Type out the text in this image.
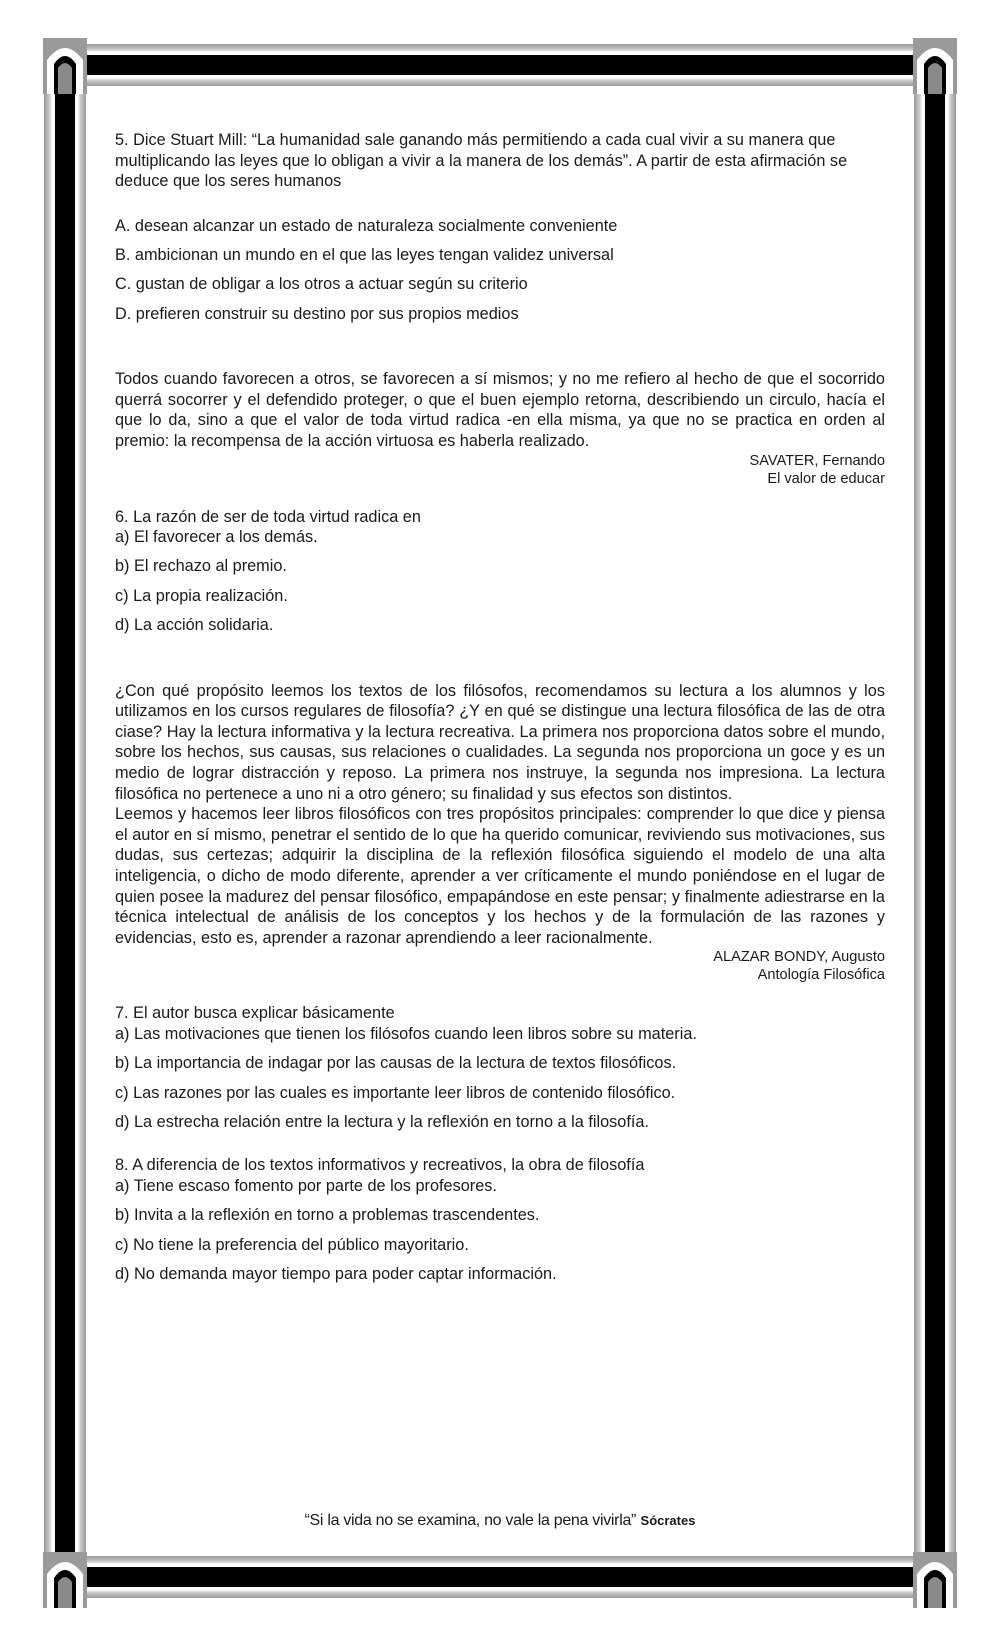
5. Dice Stuart Mill: “La humanidad sale ganando más permitiendo a cada cual vivir a su manera que multiplicando las leyes que lo obligan a vivir a la manera de los demás”. A partir de esta afirmación se deduce que los seres humanos

A. desean alcanzar un estado de naturaleza socialmente conveniente

B. ambicionan un mundo en el que las leyes tengan validez universal

C. gustan de obligar a los otros a actuar según su criterio

D. prefieren construir su destino por sus propios medios

Todos cuando favorecen a otros, se favorecen a sí mismos; y no me refiero al hecho de que el socorrido querrá socorrer y el defendido proteger, o que el buen ejemplo retorna, describiendo un circulo, hacía el que lo da, sino a que el valor de toda virtud radica -en ella misma, ya que no se practica en orden al premio: la recompensa de la acción virtuosa es haberla realizado.

SAVATER, Fernando

El valor de educar

6. La razón de ser de toda virtud radica en

a) El favorecer a los demás.

b) El rechazo al premio.

c) La propia realización.

d) La acción solidaria.

¿Con qué propósito leemos los textos de los filósofos, recomendamos su lectura a los alumnos y los utilizamos en los cursos regulares de filosofía? ¿Y en qué se distingue una lectura filosófica de las de otra ciase? Hay la lectura informativa y la lectura recreativa. La primera nos proporciona datos sobre el mundo, sobre los hechos, sus causas, sus relaciones o cualidades. La segunda nos proporciona un goce y es un medio de lograr distracción y reposo. La primera nos instruye, la segunda nos impresiona. La lectura filosófica no pertenece a uno ni a otro género; su finalidad y sus efectos son distintos.

Leemos y hacemos leer libros filosóficos con tres propósitos principales: comprender lo que dice y piensa el autor en sí mismo, penetrar el sentido de lo que ha querido comunicar, reviviendo sus motivaciones, sus dudas, sus certezas; adquirir la disciplina de la reflexión filosófica siguiendo el modelo de una alta inteligencia, o dicho de modo diferente, aprender a ver críticamente el mundo poniéndose en el lugar de quien posee la madurez del pensar filosófico, empapándose en este pensar; y finalmente adiestrarse en la técnica intelectual de análisis de los conceptos y los hechos y de la formulación de las razones y evidencias, esto es, aprender a razonar aprendiendo a leer racionalmente.

ALAZAR BONDY, Augusto

Antología Filosófica

7. El autor busca explicar básicamente

a) Las motivaciones que tienen los filósofos cuando leen libros sobre su materia.

b) La importancia de indagar por las causas de la lectura de textos filosóficos.

c) Las razones por las cuales es importante leer libros de contenido filosófico.

d) La estrecha relación entre la lectura y la reflexión en torno a la filosofía.

8. A diferencia de los textos informativos y recreativos, la obra de filosofía

a) Tiene escaso fomento por parte de los profesores.

b) Invita a la reflexión en torno a problemas trascendentes.

c) No tiene la preferencia del público mayoritario.

d) No demanda mayor tiempo para poder captar información.

“Si la vida no se examina, no vale la pena vivirla” Sócrates
